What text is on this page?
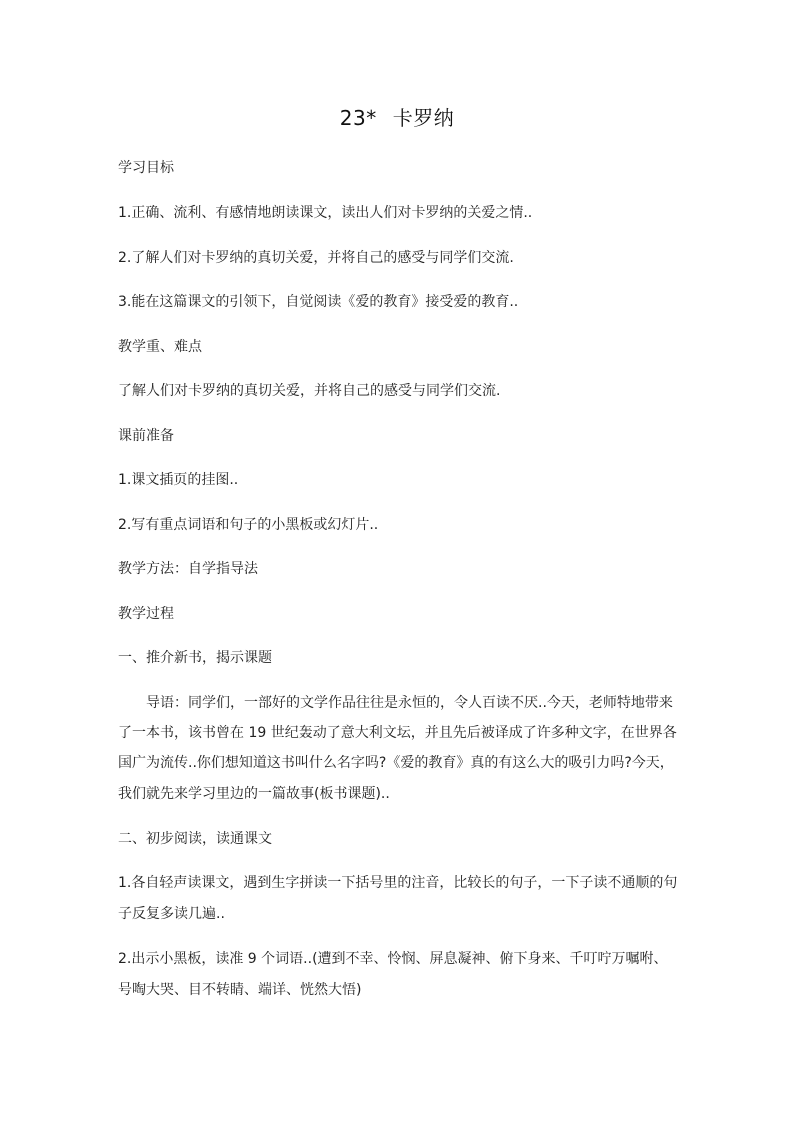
23* 卡罗纳
学习目标
1.正确、流利、有感情地朗读课文，读出人们对卡罗纳的关爱之情..
2.了解人们对卡罗纳的真切关爱，并将自己的感受与同学们交流.
3.能在这篇课文的引领下，自觉阅读《爱的教育》接受爱的教育..
教学重、难点
了解人们对卡罗纳的真切关爱，并将自己的感受与同学们交流.
课前准备
1.课文插页的挂图..
2.写有重点词语和句子的小黑板或幻灯片..
教学方法：自学指导法
教学过程
一、推介新书，揭示课题
导语：同学们，一部好的文学作品往往是永恒的，令人百读不厌..今天，老师特地带来
了一本书，该书曾在 19 世纪轰动了意大利文坛，并且先后被译成了许多种文字，在世界各
国广为流传..你们想知道这书叫什么名字吗?《爱的教育》真的有这么大的吸引力吗?今天，
我们就先来学习里边的一篇故事(板书课题)..
二、初步阅读，读通课文
1.各自轻声读课文，遇到生字拼读一下括号里的注音，比较长的句子，一下子读不通顺的句
子反复多读几遍..
2.出示小黑板，读准 9 个词语..(遭到不幸、怜悯、屏息凝神、俯下身来、千叮咛万嘱咐、
号啕大哭、目不转睛、端详、恍然大悟)
